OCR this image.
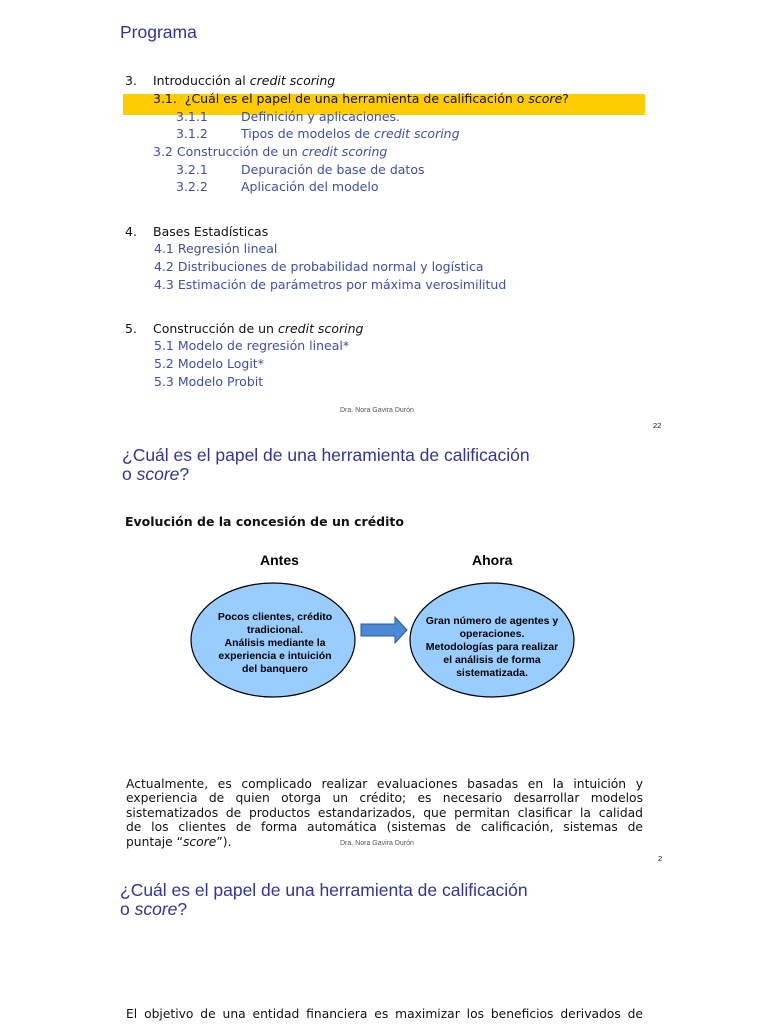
Programa
3. Introducción al credit scoring
3.1. ¿Cuál es el papel de una herramienta de calificación o score?
3.1.1	Definición y aplicaciones.
3.1.2	Tipos de modelos de credit scoring
3.2 Construcción de un credit scoring
3.2.1	Depuración de base de datos
3.2.2	Aplicación del modelo
4. Bases Estadísticas
4.1 Regresión lineal
4.2 Distribuciones de probabilidad normal y logística
4.3 Estimación de parámetros por máxima verosimilitud
5. Construcción de un credit scoring
5.1 Modelo de regresión lineal*
5.2 Modelo Logit*
5.3 Modelo Probit
Dra. Nora Gavira Durón
22
¿Cuál es el papel de una herramienta de calificación
o score?
Evolución de la concesión de un crédito
Antes	Ahora
Pocos clientes, crédito
tradicional.
Análisis mediante la
experiencia e intuición
del banquero
Gran número de agentes y
operaciones.
Metodologías para realizar
el análisis de forma
sistematizada.
Actualmente, es complicado realizar evaluaciones basadas en la intuición y
experiencia de quien otorga un crédito; es necesario desarrollar modelos
sistematizados de productos estandarizados, que permitan clasificar la calidad
de los clientes de forma automática (sistemas de calificación, sistemas de
puntaje “score”).	Dra. Nora Gavira Durón
2
¿Cuál es el papel de una herramienta de calificación
o score?
El objetivo de una entidad financiera es maximizar los beneficios derivados de
